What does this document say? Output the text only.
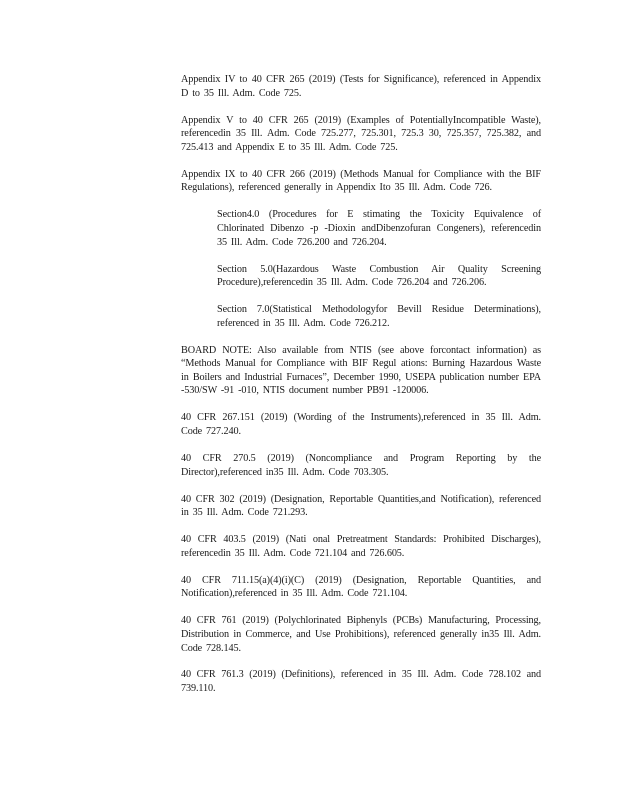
Appendix IV to 40 CFR 265 (2019) (Tests for Significance), referenced in Appendix D to 35 Ill. Adm. Code 725.

Appendix V to 40 CFR 265 (2019) (Examples of PotentiallyIncompatible Waste), referencedin 35 Ill. Adm. Code 725.277, 725.301, 725.3 30, 725.357, 725.382, and 725.413 and Appendix E to 35 Ill. Adm. Code 725.

Appendix IX to 40 CFR 266 (2019) (Methods Manual for Compliance with the BIF Regulations), referenced generally in Appendix Ito 35 Ill. Adm. Code 726.

Section4.0 (Procedures for E stimating the Toxicity Equivalence of Chlorinated Dibenzo -p -Dioxin andDibenzofuran Congeners), referencedin 35 Ill. Adm. Code 726.200 and 726.204.

Section 5.0(Hazardous Waste Combustion Air Quality Screening Procedure),referencedin 35 Ill. Adm. Code 726.204 and 726.206.

Section 7.0(Statistical Methodologyfor Bevill Residue Determinations), referenced in 35 Ill. Adm. Code 726.212.

BOARD NOTE: Also available from NTIS (see above forcontact information) as “Methods Manual for Compliance with BIF Regul ations: Burning Hazardous Waste in Boilers and Industrial Furnaces”, December 1990, USEPA publication number EPA -530/SW -91 -010, NTIS document number PB91 -120006.

40 CFR 267.151 (2019) (Wording of the Instruments),referenced in 35 Ill. Adm. Code 727.240.

40 CFR 270.5 (2019) (Noncompliance and Program Reporting by the Director),referenced in35 Ill. Adm. Code 703.305.

40 CFR 302 (2019) (Designation, Reportable Quantities,and Notification), referenced in 35 Ill. Adm. Code 721.293.

40 CFR 403.5 (2019) (Nati onal Pretreatment Standards: Prohibited Discharges), referencedin 35 Ill. Adm. Code 721.104 and 726.605.

40 CFR 711.15(a)(4)(i)(C) (2019) (Designation, Reportable Quantities, and Notification),referenced in 35 Ill. Adm. Code 721.104.

40 CFR 761 (2019) (Polychlorinated Biphenyls (PCBs) Manufacturing, Processing, Distribution in Commerce, and Use Prohibitions), referenced generally in35 Ill. Adm. Code 728.145.

40 CFR 761.3 (2019) (Definitions), referenced in 35 Ill. Adm. Code 728.102 and 739.110.
